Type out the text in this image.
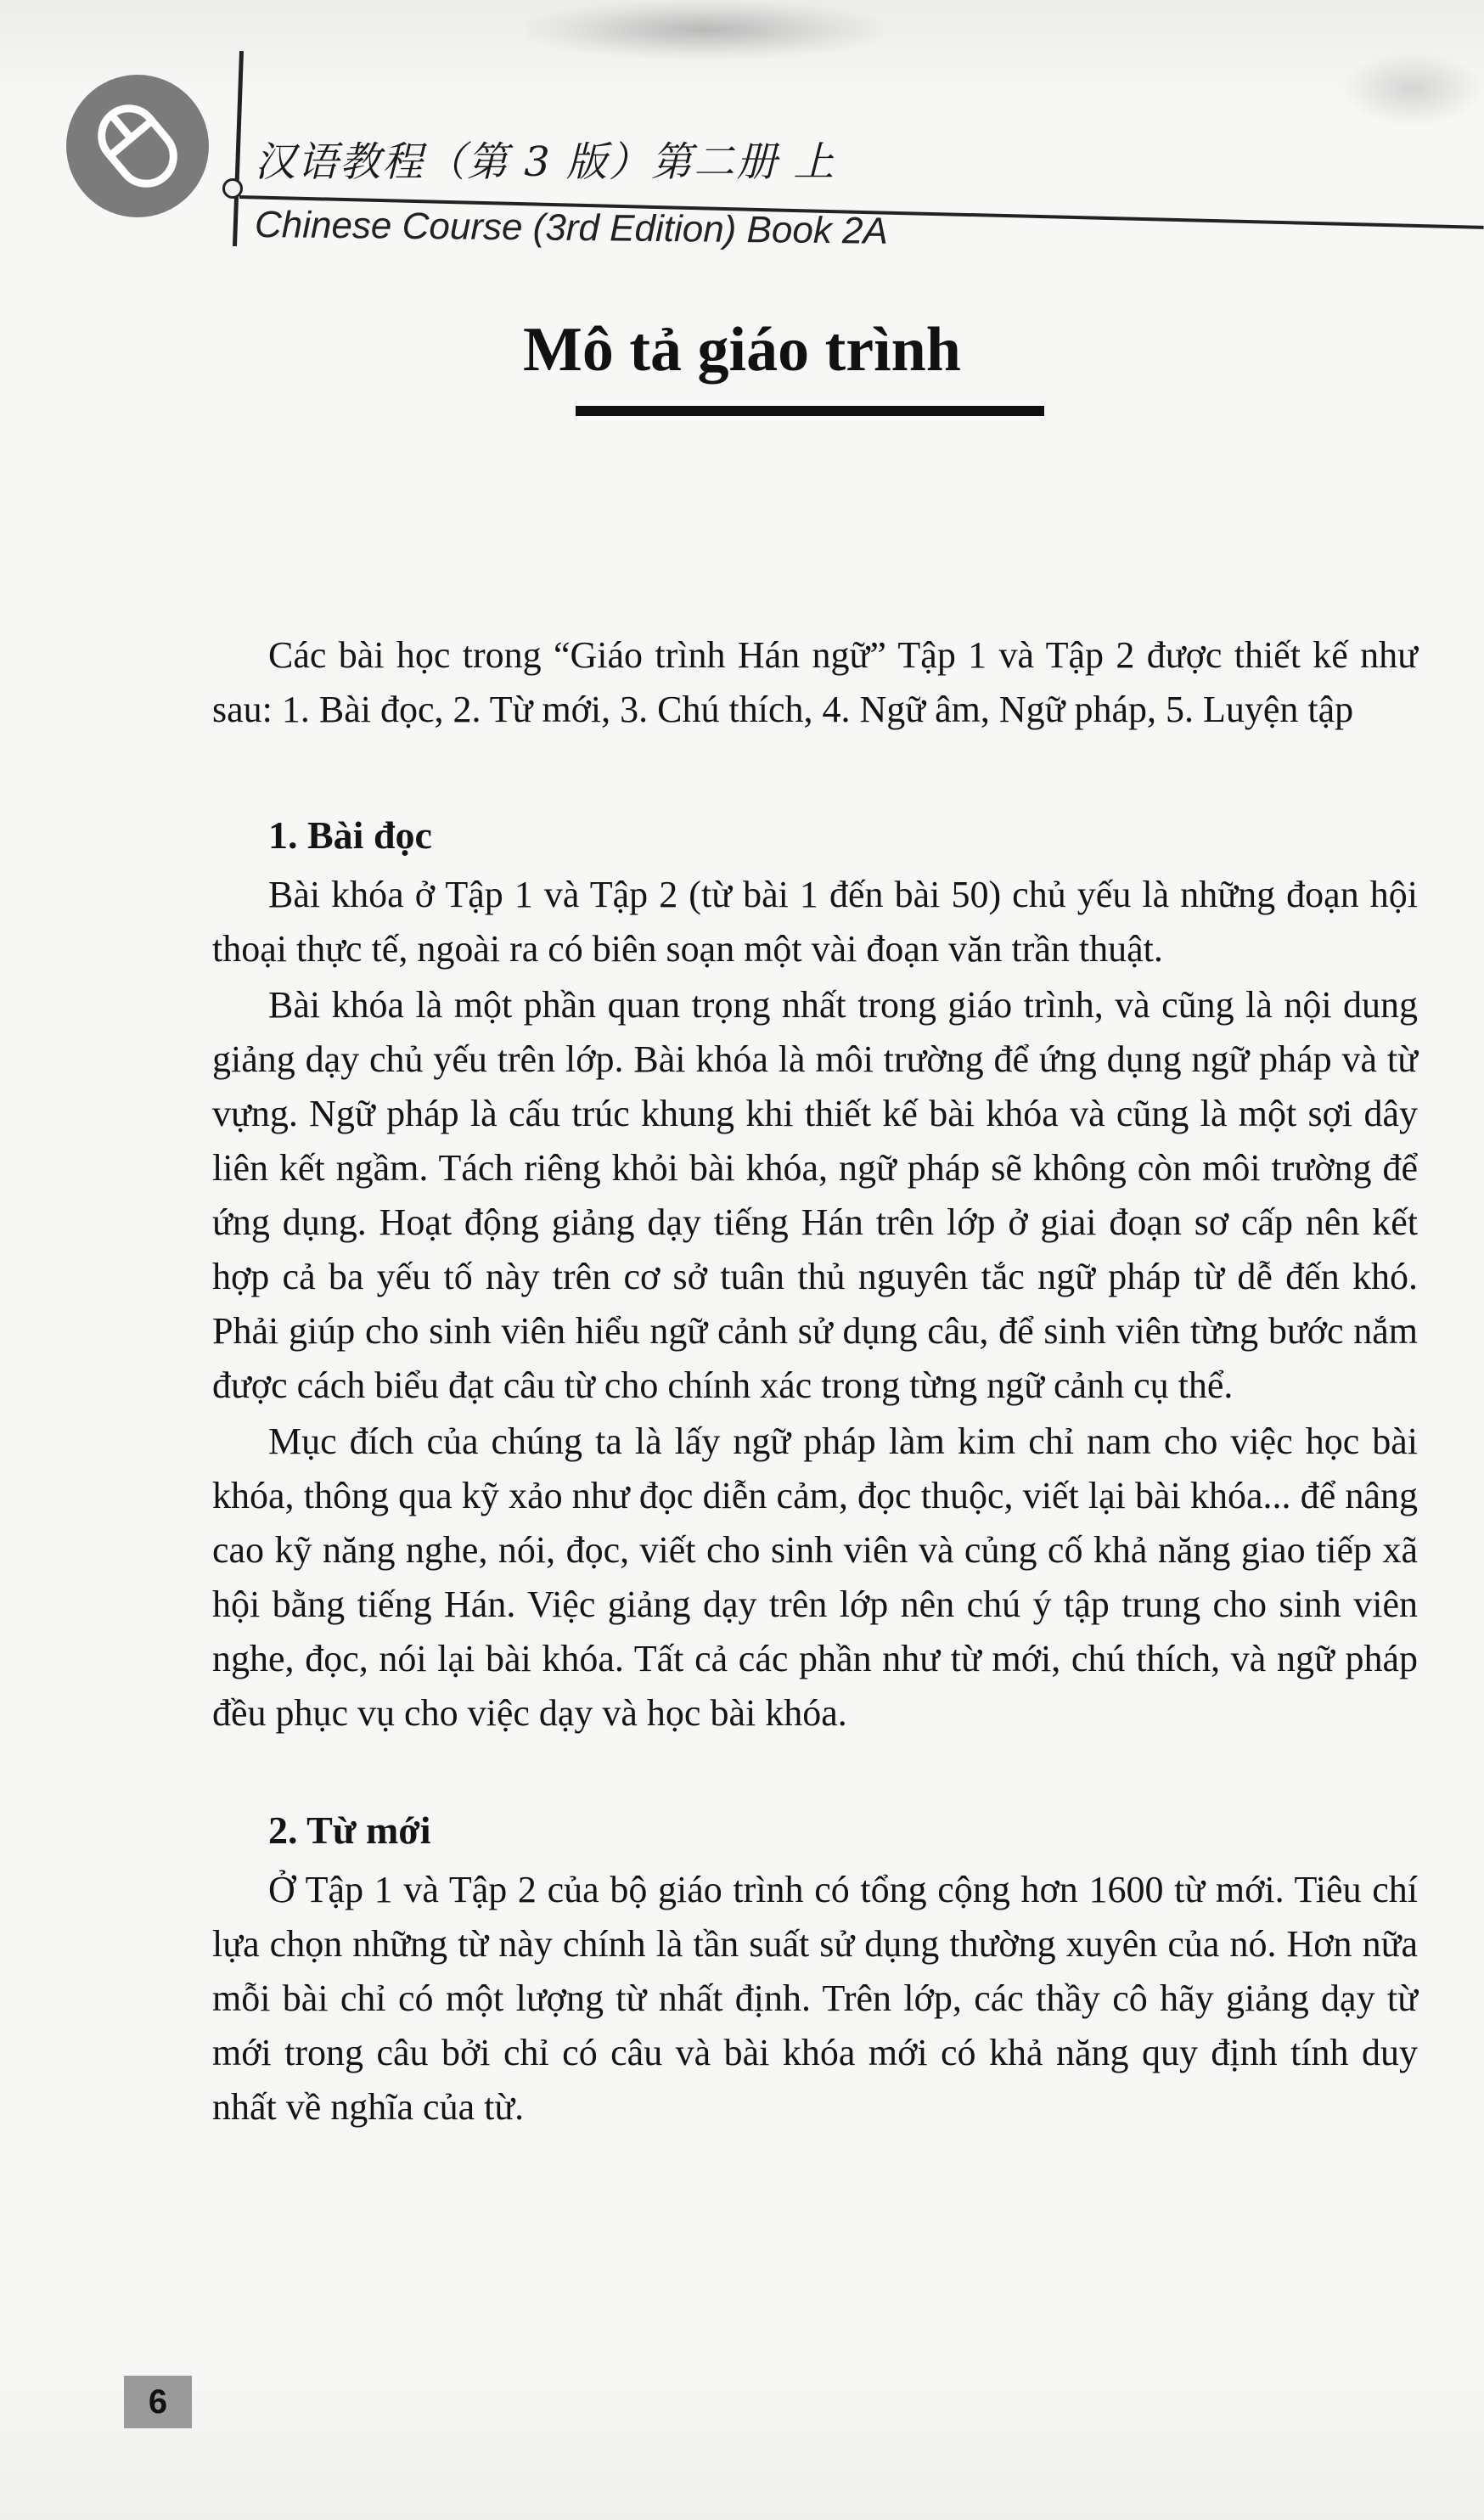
汉语教程（第 3 版）第二册 上
Chinese Course (3rd Edition) Book 2A
Mô tả giáo trình

Các bài học trong “Giáo trình Hán ngữ” Tập 1 và Tập 2 được thiết kế như sau: 1. Bài đọc, 2. Từ mới, 3. Chú thích, 4. Ngữ âm, Ngữ pháp, 5. Luyện tập

1. Bài đọc

Bài khóa ở Tập 1 và Tập 2 (từ bài 1 đến bài 50) chủ yếu là những đoạn hội thoại thực tế, ngoài ra có biên soạn một vài đoạn văn trần thuật.

Bài khóa là một phần quan trọng nhất trong giáo trình, và cũng là nội dung giảng dạy chủ yếu trên lớp. Bài khóa là môi trường để ứng dụng ngữ pháp và từ vựng. Ngữ pháp là cấu trúc khung khi thiết kế bài khóa và cũng là một sợi dây liên kết ngầm. Tách riêng khỏi bài khóa, ngữ pháp sẽ không còn môi trường để ứng dụng. Hoạt động giảng dạy tiếng Hán trên lớp ở giai đoạn sơ cấp nên kết hợp cả ba yếu tố này trên cơ sở tuân thủ nguyên tắc ngữ pháp từ dễ đến khó. Phải giúp cho sinh viên hiểu ngữ cảnh sử dụng câu, để sinh viên từng bước nắm được cách biểu đạt câu từ cho chính xác trong từng ngữ cảnh cụ thể.

Mục đích của chúng ta là lấy ngữ pháp làm kim chỉ nam cho việc học bài khóa, thông qua kỹ xảo như đọc diễn cảm, đọc thuộc, viết lại bài khóa... để nâng cao kỹ năng nghe, nói, đọc, viết cho sinh viên và củng cố khả năng giao tiếp xã hội bằng tiếng Hán. Việc giảng dạy trên lớp nên chú ý tập trung cho sinh viên nghe, đọc, nói lại bài khóa. Tất cả các phần như từ mới, chú thích, và ngữ pháp đều phục vụ cho việc dạy và học bài khóa.

2. Từ mới

Ở Tập 1 và Tập 2 của bộ giáo trình có tổng cộng hơn 1600 từ mới. Tiêu chí lựa chọn những từ này chính là tần suất sử dụng thường xuyên của nó. Hơn nữa mỗi bài chỉ có một lượng từ nhất định. Trên lớp, các thầy cô hãy giảng dạy từ mới trong câu bởi chỉ có câu và bài khóa mới có khả năng quy định tính duy nhất về nghĩa của từ.

6
